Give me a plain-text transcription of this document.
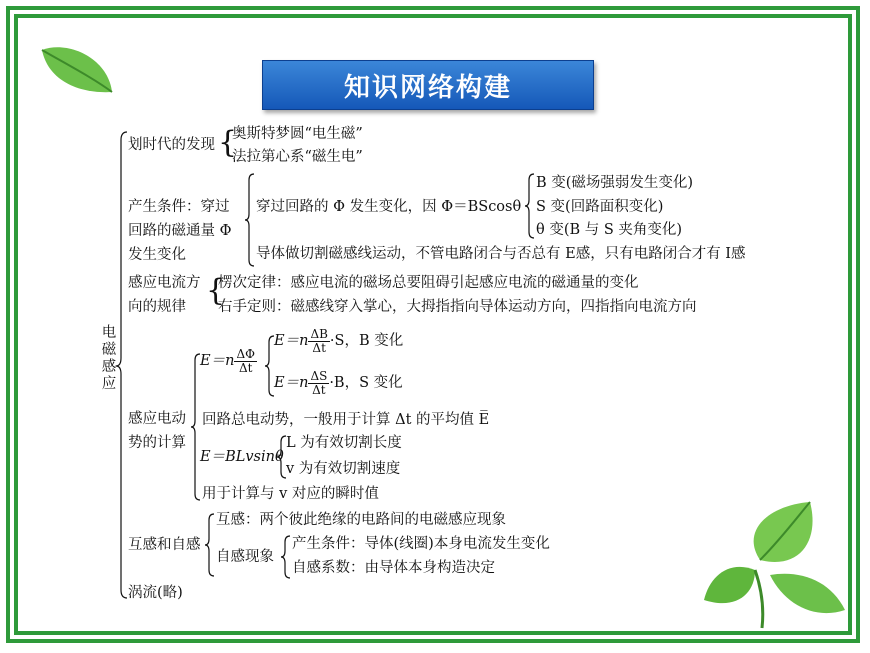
知识网络构建
电磁感应
划时代的发现 {
奥斯特梦圆“电生磁”
法拉第心系“磁生电”
产生条件：穿过
回路的磁通量 Φ
发生变化
穿过回路的 Φ 发生变化，因 Φ＝BScosθ
B 变(磁场强弱发生变化)
S 变(回路面积变化)
θ 变(B 与 S 夹角变化)
导体做切割磁感线运动，不管电路闭合与否总有 E感，只有电路闭合才有 I感
感应电流方
向的规律 {
楞次定律：感应电流的磁场总要阻碍引起感应电流的磁通量的变化
右手定则：磁感线穿入掌心，大拇指指向导体运动方向，四指指向电流方向
感应电动
势的计算
$E=n \frac{\Delta\Phi}{\Delta t}$
$E=n \frac{\Delta B}{\Delta t} \cdot S$，B 变化
$E=n \frac{\Delta S}{\Delta t} \cdot B$，S 变化
回路总电动势，一般用于计算 Δt 的平均值 E̅
E＝BLvsinθ
L 为有效切割长度
v 为有效切割速度
用于计算与 v 对应的瞬时值
互感和自感
互感：两个彼此绝缘的电路间的电磁感应现象
自感现象
产生条件：导体(线圈)本身电流发生变化
自感系数：由导体本身构造决定
涡流(略)
